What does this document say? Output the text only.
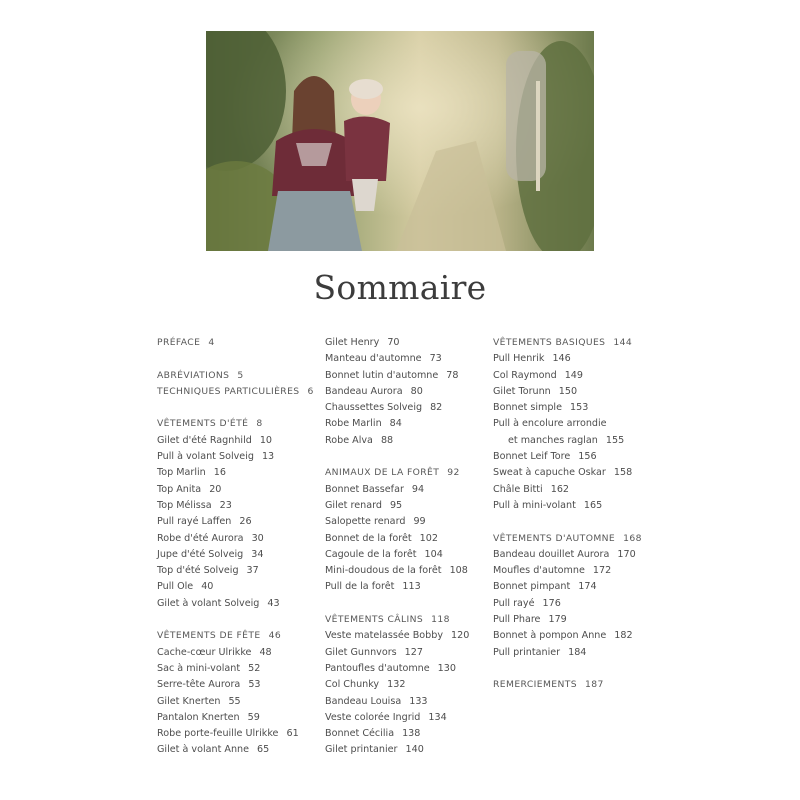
Sommaire
PRÉFACE 4
ABRÉVIATIONS 5
TECHNIQUES PARTICULIÈRES 6
VÊTEMENTS D'ÉTÉ 8
Gilet d'été Ragnhild 10
Pull à volant Solveig 13
Top Marlin 16
Top Anita 20
Top Mélissa 23
Pull rayé Laffen 26
Robe d'été Aurora 30
Jupe d'été Solveig 34
Top d'été Solveig 37
Pull Ole 40
Gilet à volant Solveig 43
VÊTEMENTS DE FÊTE 46
Cache-cœur Ulrikke 48
Sac à mini-volant 52
Serre-tête Aurora 53
Gilet Knerten 55
Pantalon Knerten 59
Robe porte-feuille Ulrikke 61
Gilet à volant Anne 65
Gilet Henry 70
Manteau d'automne 73
Bonnet lutin d'automne 78
Bandeau Aurora 80
Chaussettes Solveig 82
Robe Marlin 84
Robe Alva 88
ANIMAUX DE LA FORÊT 92
Bonnet Bassefar 94
Gilet renard 95
Salopette renard 99
Bonnet de la forêt 102
Cagoule de la forêt 104
Mini-doudous de la forêt 108
Pull de la forêt 113
VÊTEMENTS CÂLINS 118
Veste matelassée Bobby 120
Gilet Gunnvors 127
Pantoufles d'automne 130
Col Chunky 132
Bandeau Louisa 133
Veste colorée Ingrid 134
Bonnet Cécilia 138
Gilet printanier 140
VÊTEMENTS BASIQUES 144
Pull Henrik 146
Col Raymond 149
Gilet Torunn 150
Bonnet simple 153
Pull à encolure arrondie
et manches raglan 155
Bonnet Leif Tore 156
Sweat à capuche Oskar 158
Châle Bitti 162
Pull à mini-volant 165
VÊTEMENTS D'AUTOMNE 168
Bandeau douillet Aurora 170
Moufles d'automne 172
Bonnet pimpant 174
Pull rayé 176
Pull Phare 179
Bonnet à pompon Anne 182
Pull printanier 184
REMERCIEMENTS 187
